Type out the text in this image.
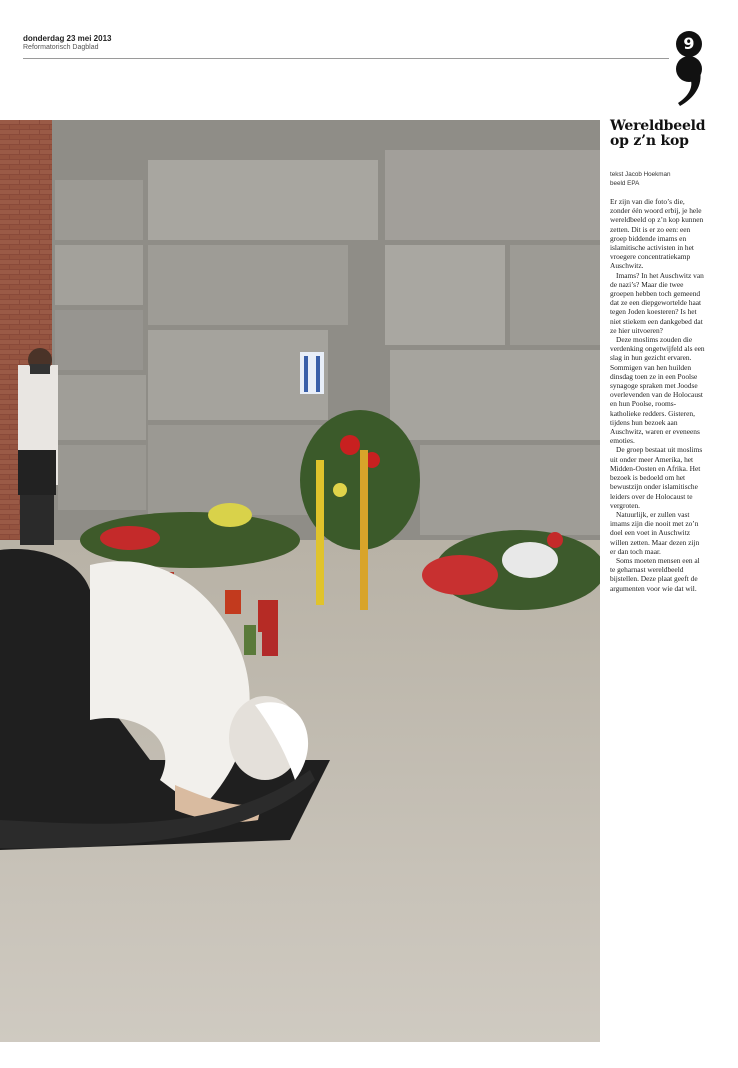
donderdag 23 mei 2013
Reformatorisch Dagblad	9
Wereldbeeld
op z’n kop
tekst Jacob Hoekman
beeld EPA

Er zijn van die foto’s die, zonder één woord erbij, je hele wereldbeeld op z’n kop kunnen zetten. Dit is er zo een: een groep biddende imams en islamitische activisten in het vroegere concentratiekamp Auschwitz.

Imams? In het Auschwitz van de nazi’s? Maar die twee groepen hebben toch gemeend dat ze een diepgewortelde haat tegen Joden koesteren? Is het niet stiekem een dankgebed dat ze hier uitvoeren?

Deze moslims zouden die verdenking ongetwijfeld als een slag in hun gezicht ervaren. Sommigen van hen huilden dinsdag toen ze in een Poolse synagoge spraken met Joodse overlevenden van de Holocaust en hun Poolse, rooms-katholieke redders. Gisteren, tijdens hun bezoek aan Auschwitz, waren er eveneens emoties.

De groep bestaat uit moslims uit onder meer Amerika, het Midden-Oosten en Afrika. Het bezoek is bedoeld om het bewustzijn onder islamitische leiders over de Holocaust te vergroten.

Natuurlijk, er zullen vast imams zijn die nooit met zo’n doel een voet in Auschwitz willen zetten. Maar dezen zijn er dan toch maar.

Soms moeten mensen een al te geharnast wereldbeeld bijstellen. Deze plaat geeft de argumenten voor wie dat wil.
